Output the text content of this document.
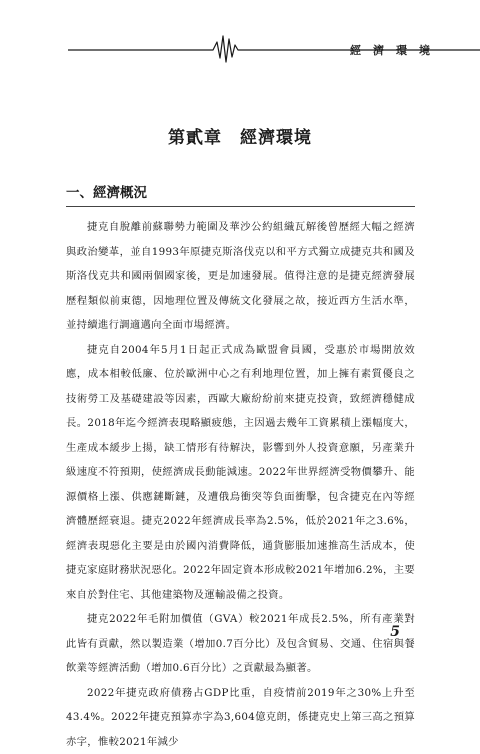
經濟環境
第貳章　經濟環境
一、經濟概況

捷克自脫離前蘇聯勢力範圍及華沙公約組織瓦解後曾歷經大幅之經濟與政治變革，並自1993年原捷克斯洛伐克以和平方式獨立成捷克共和國及斯洛伐克共和國兩個國家後，更是加速發展。值得注意的是捷克經濟發展歷程類似前東德，因地理位置及傳統文化發展之故，接近西方生活水準，並持續進行調適邁向全面市場經濟。

捷克自2004年5月1日起正式成為歐盟會員國，受惠於市場開放效應，成本相較低廉、位於歐洲中心之有利地理位置，加上擁有素質優良之技術勞工及基礎建設等因素，西歐大廠紛紛前來捷克投資，致經濟穩健成長。2018年迄今經濟表現略顯疲態，主因過去幾年工資累積上漲幅度大，生產成本緩步上揚，缺工情形有待解決，影響到外人投資意願，另產業升級速度不符預期，使經濟成長動能減速。2022年世界經濟受物價攀升、能源價格上漲、供應鏈斷鏈，及遭俄烏衝突等負面衝擊，包含捷克在內等經濟體歷經衰退。捷克2022年經濟成長率為2.5%，低於2021年之3.6%，經濟表現惡化主要是由於國內消費降低，通貨膨脹加速推高生活成本，使捷克家庭財務狀況惡化。2022年固定資本形成較2021年增加6.2%，主要來自於對住宅、其他建築物及運輸設備之投資。

捷克2022年毛附加價值（GVA）較2021年成長2.5%，所有產業對此皆有貢獻，然以製造業（增加0.7百分比）及包含貿易、交通、住宿與餐飲業等經濟活動（增加0.6百分比）之貢獻最為顯著。

2022年捷克政府債務占GDP比重，自疫情前2019年之30%上升至43.4%。2022年捷克預算赤字為3,604億克朗，係捷克史上第三高之預算赤字，惟較2021年減少

5
